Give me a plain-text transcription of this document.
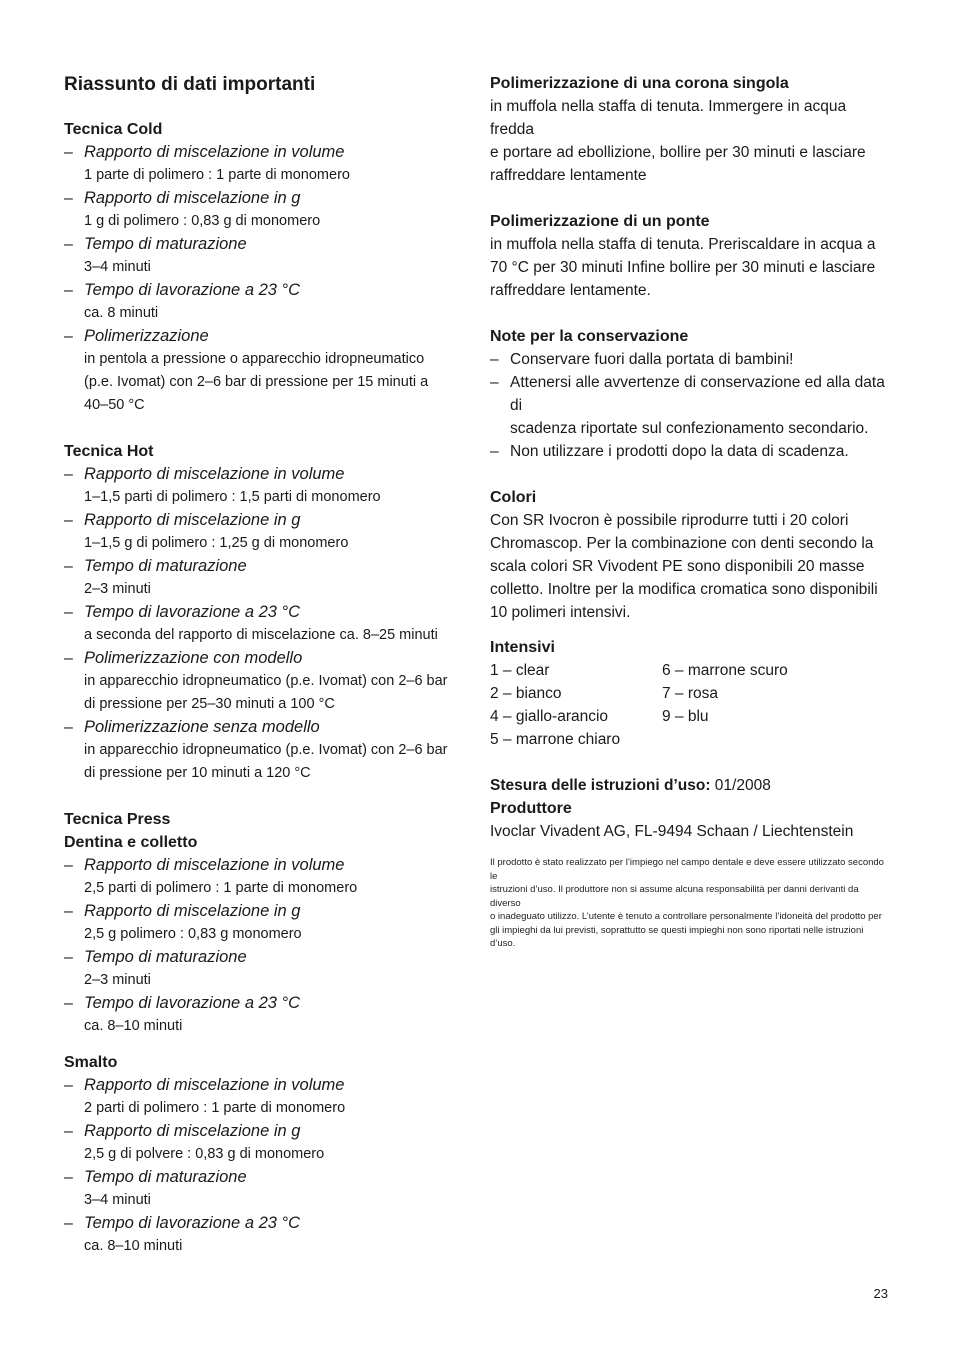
Riassunto di dati importanti
Tecnica Cold
– Rapporto di miscelazione in volume
1 parte di polimero : 1 parte di monomero
– Rapporto di miscelazione in g
1 g di polimero : 0,83 g di monomero
– Tempo di maturazione
3–4 minuti
– Tempo di lavorazione a 23 °C
ca. 8 minuti
– Polimerizzazione
in pentola a pressione o apparecchio idropneumatico
(p.e. Ivomat) con 2–6 bar di pressione per 15 minuti a
40–50 °C
Tecnica Hot
– Rapporto di miscelazione in volume
1–1,5 parti di polimero : 1,5 parti di monomero
– Rapporto di miscelazione in g
1–1,5 g di polimero : 1,25 g di monomero
– Tempo di maturazione
2–3 minuti
– Tempo di lavorazione a 23 °C
a seconda del rapporto di miscelazione ca. 8–25 minuti
– Polimerizzazione con modello
in apparecchio idropneumatico (p.e. Ivomat) con 2–6 bar
di pressione per 25–30 minuti a 100 °C
– Polimerizzazione senza modello
in apparecchio idropneumatico (p.e. Ivomat) con 2–6 bar
di pressione per 10 minuti a 120 °C
Tecnica Press
Dentina e colletto
– Rapporto di miscelazione in volume
2,5 parti di polimero : 1 parte di monomero
– Rapporto di miscelazione in g
2,5 g polimero : 0,83 g monomero
– Tempo di maturazione
2–3 minuti
– Tempo di lavorazione a 23 °C
ca. 8–10 minuti
Smalto
– Rapporto di miscelazione in volume
2 parti di polimero : 1 parte di monomero
– Rapporto di miscelazione in g
2,5 g di polvere : 0,83 g di monomero
– Tempo di maturazione
3–4 minuti
– Tempo di lavorazione a 23 °C
ca. 8–10 minuti
Polimerizzazione di una corona singola
in muffola nella staffa di tenuta. Immergere in acqua fredda
e portare ad ebollizione, bollire per 30 minuti e lasciare
raffreddare lentamente
Polimerizzazione di un ponte
in muffola nella staffa di tenuta. Preriscaldare in acqua a
70 °C per 30 minuti Infine bollire per 30 minuti e lasciare
raffreddare lentamente.
Note per la conservazione
– Conservare fuori dalla portata di bambini!
– Attenersi alle avvertenze di conservazione ed alla data di
scadenza riportate sul confezionamento secondario.
– Non utilizzare i prodotti dopo la data di scadenza.
Colori
Con SR Ivocron è possibile riprodurre tutti i 20 colori
Chromascop. Per la combinazione con denti secondo la
scala colori SR Vivodent PE sono disponibili 20 masse
colletto. Inoltre per la modifica cromatica sono disponibili
10 polimeri intensivi.
Intensivi
1 – clear
2 – bianco
4 – giallo-arancio
5 – marrone chiaro
6 – marrone scuro
7 – rosa
9 – blu
Stesura delle istruzioni d’uso: 01/2008
Produttore
Ivoclar Vivadent AG, FL-9494 Schaan / Liechtenstein
Il prodotto è stato realizzato per l’impiego nel campo dentale e deve essere utilizzato secondo le
istruzioni d’uso. Il produttore non si assume alcuna responsabilità per danni derivanti da diverso
o inadeguato utilizzo. L’utente è tenuto a controllare personalmente l’idoneità del prodotto per
gli impieghi da lui previsti, soprattutto se questi impieghi non sono riportati nelle istruzioni
d’uso.
23
